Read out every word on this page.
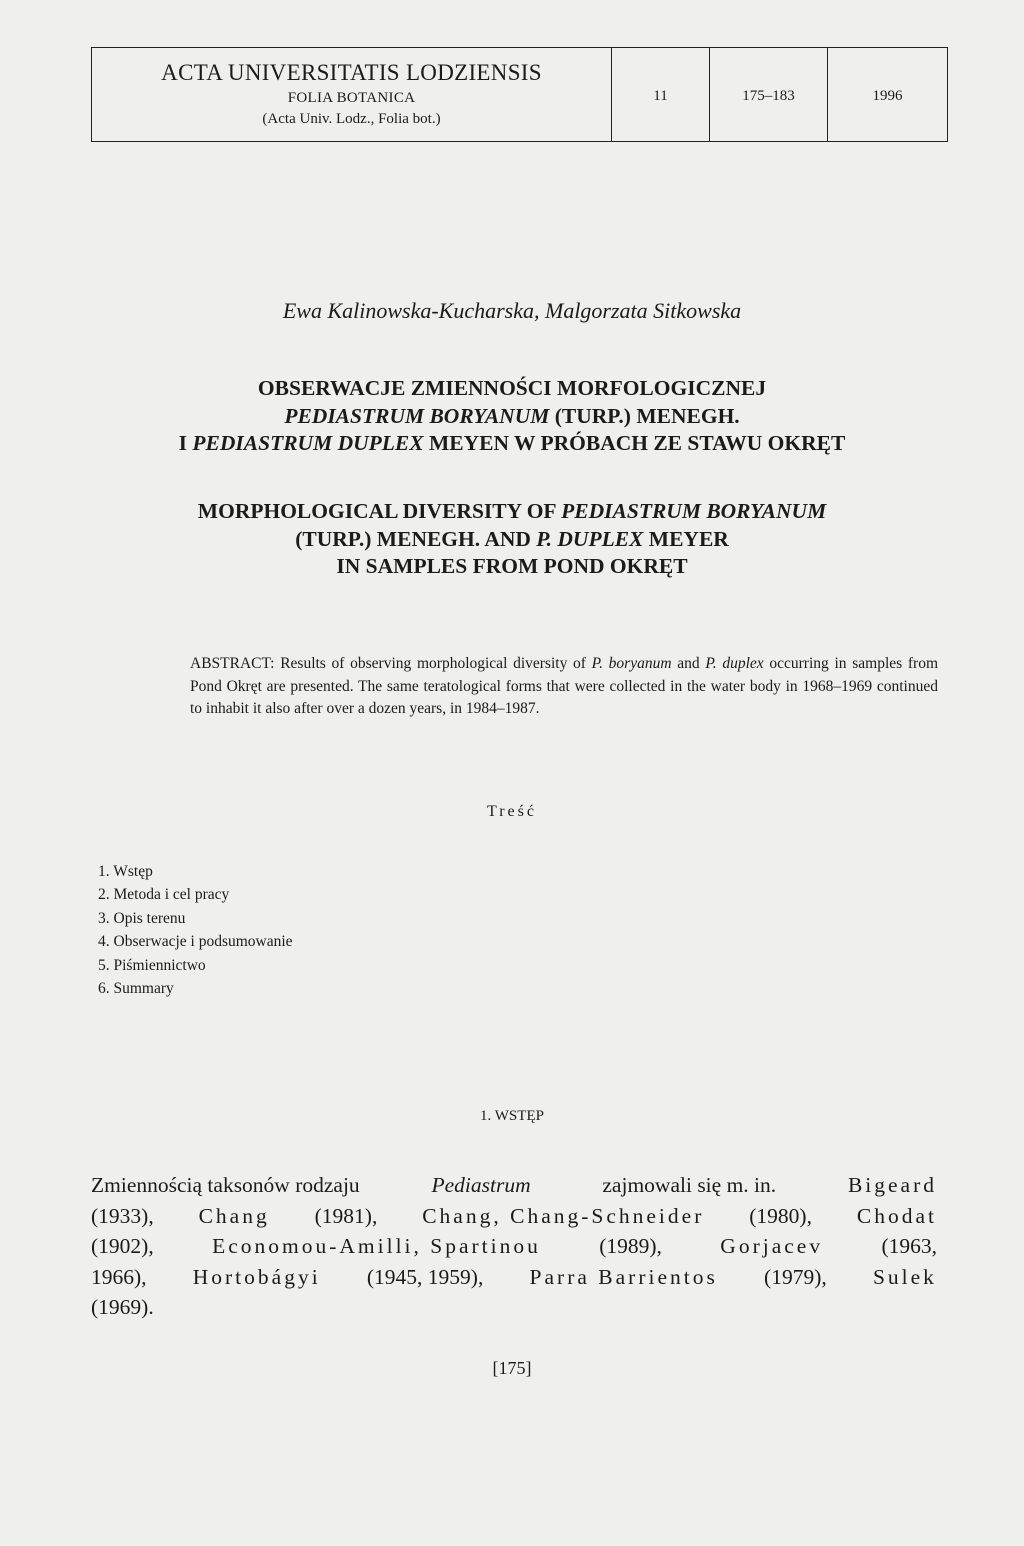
ACTA UNIVERSITATIS LODZIENSIS
FOLIA BOTANICA
(Acta Univ. Lodz., Folia bot.)
11	175–183	1996
Ewa Kalinowska-Kucharska, Malgorzata Sitkowska
OBSERWACJE ZMIENNOŚCI MORFOLOGICZNEJ
PEDIASTRUM BORYANUM (TURP.) MENEGH.
I PEDIASTRUM DUPLEX MEYEN W PRÓBACH ZE STAWU OKRĘT
MORPHOLOGICAL DIVERSITY OF PEDIASTRUM BORYANUM
(TURP.) MENEGH. AND P. DUPLEX MEYER
IN SAMPLES FROM POND OKRĘT
ABSTRACT: Results of observing morphological diversity of P. boryanum and P. duplex occurring in samples from Pond Okręt are presented. The same teratological forms that were collected in the water body in 1968–1969 continued to inhabit it also after over a dozen years, in 1984–1987.
Treść
1. Wstęp
2. Metoda i cel pracy
3. Opis terenu
4. Obserwacje i podsumowanie
5. Piśmiennictwo
6. Summary
1. WSTĘP
Zmiennością taksonów rodzaju	Pediastrum	zajmowali się m. in.	Bigeard
(1933), Chang (1981), Chang, Chang-Schneider (1980), Chodat
(1902),	Economou-Amilli, Spartinou	(1989),	Gorjacev	(1963,
1966), Hortobágyi (1945, 1959), Parra Barrientos (1979), Sulek
(1969).
[175]
